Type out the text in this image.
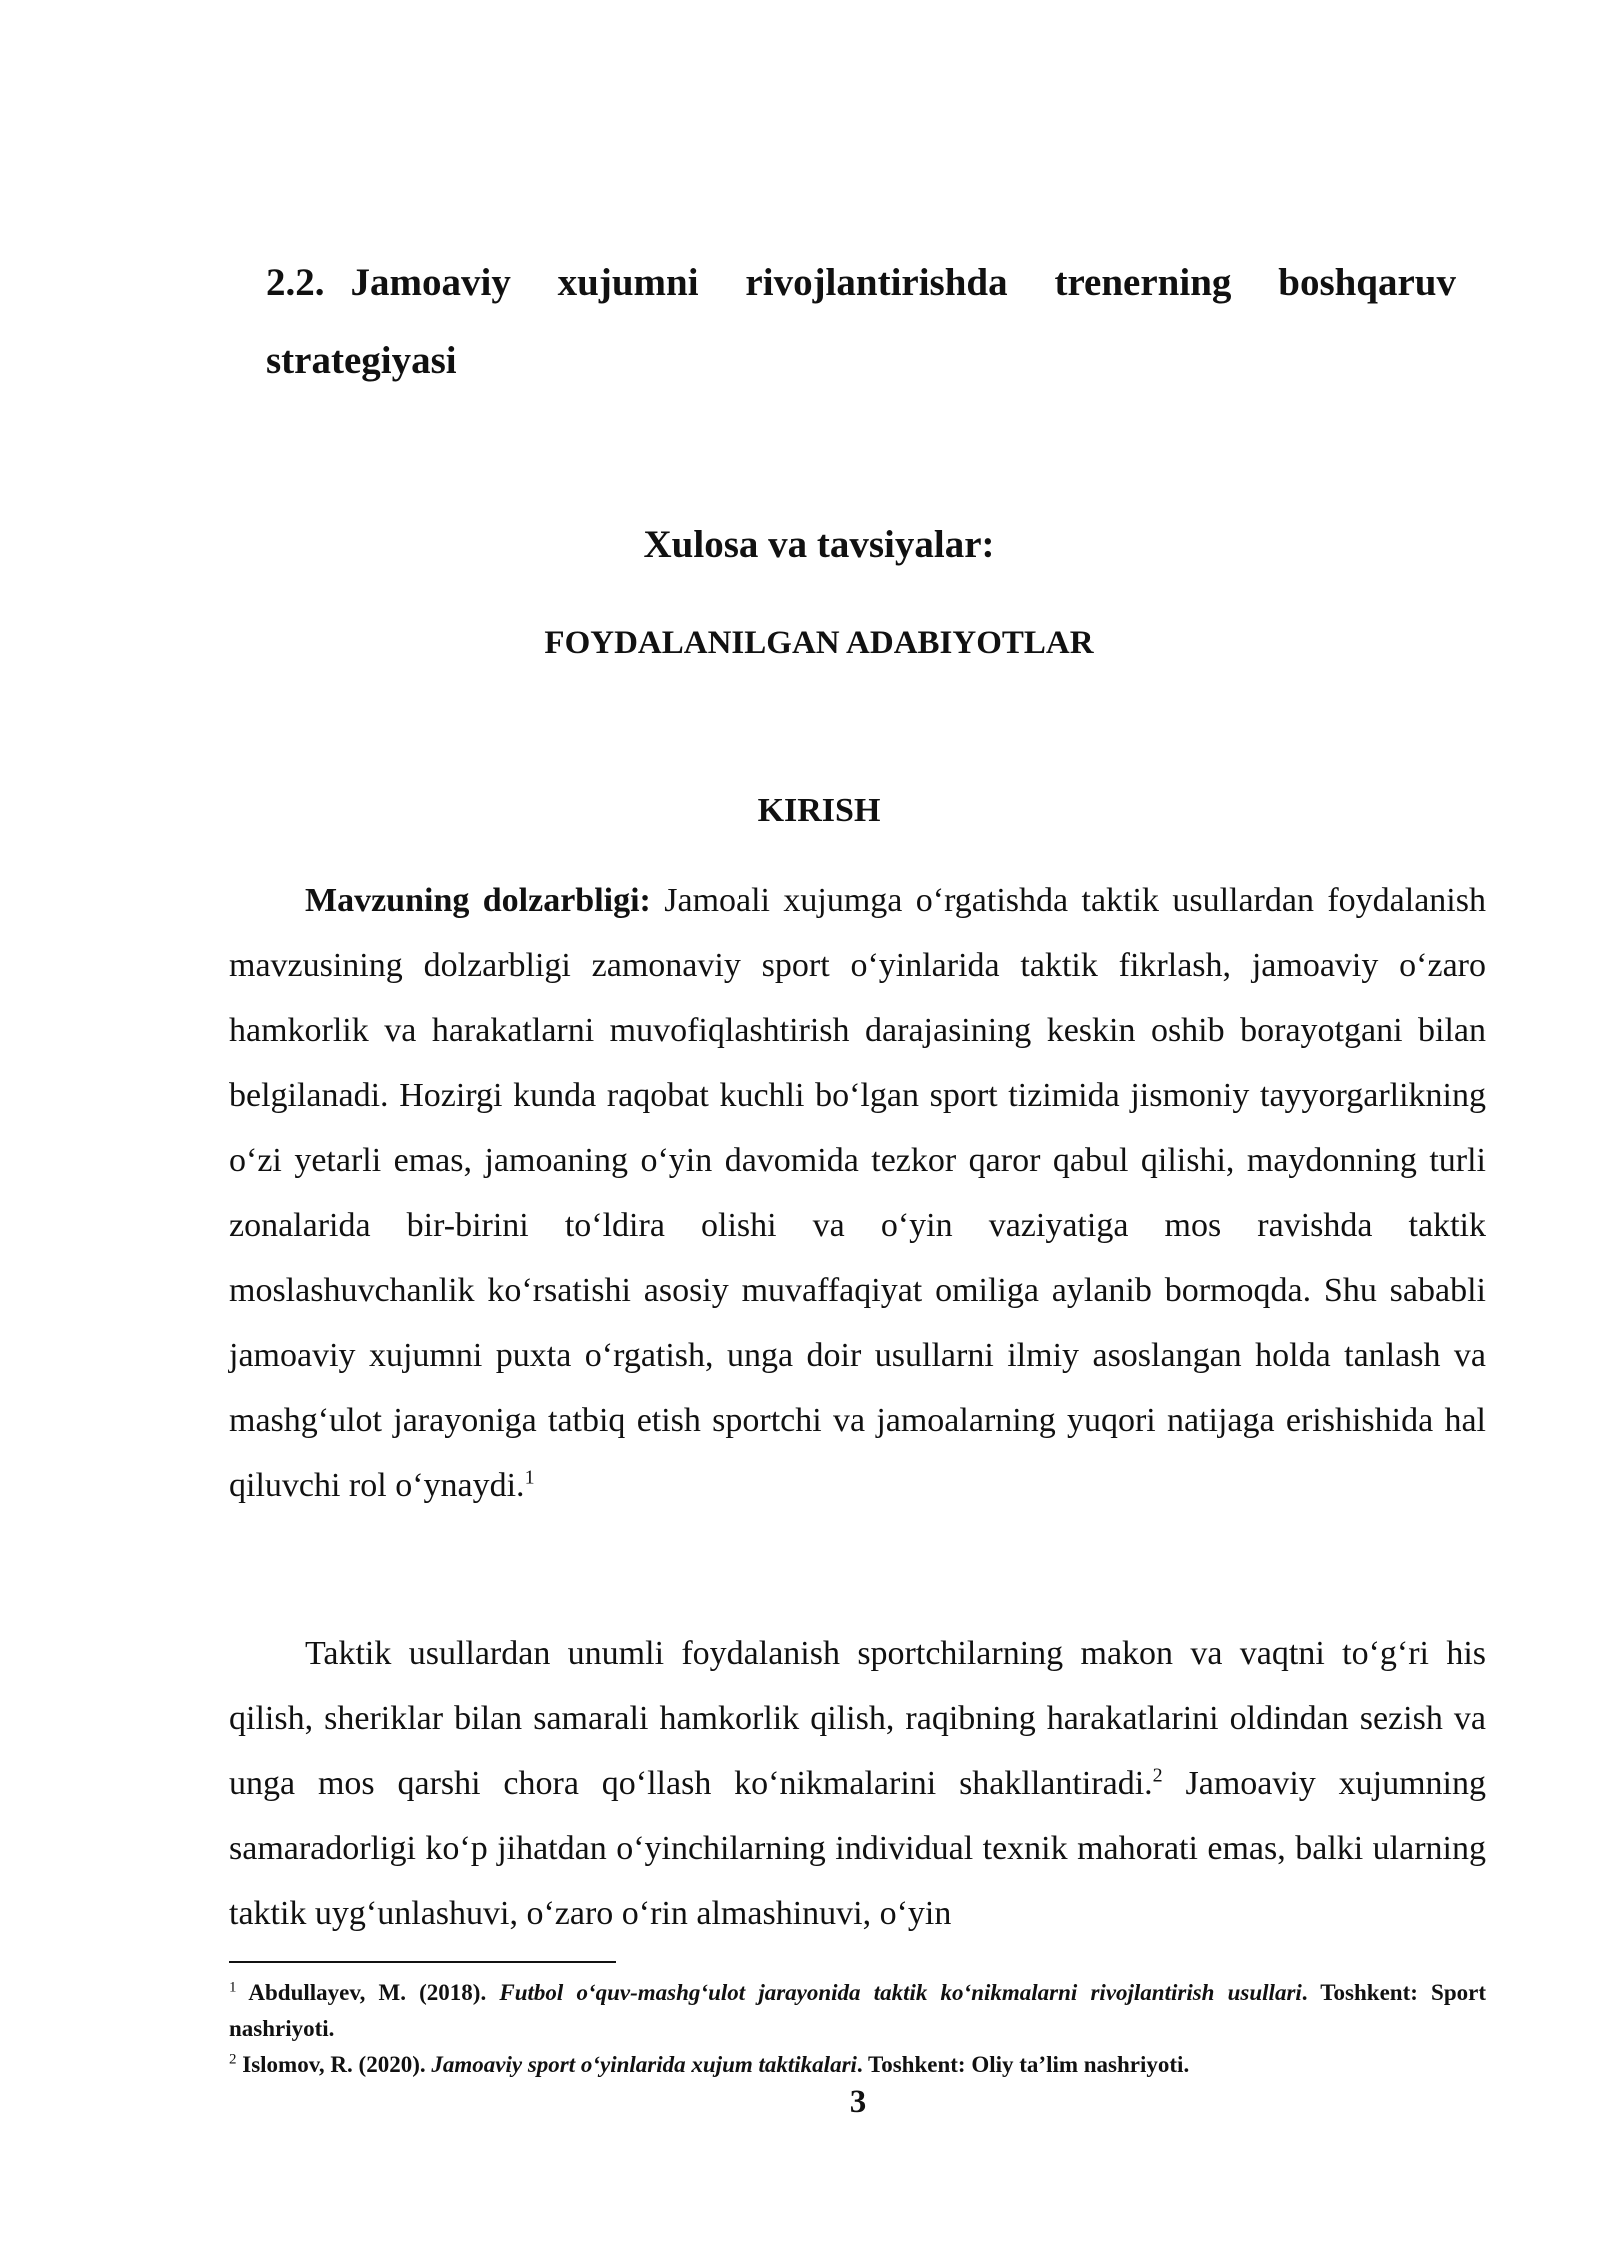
2.2. Jamoaviy xujumni rivojlantirishda trenerning boshqaruv strategiyasi
Xulosa va tavsiyalar:
FOYDALANILGAN ADABIYOTLAR
KIRISH

Mavzuning dolzarbligi: Jamoali xujumga o‘rgatishda taktik usullardan foydalanish mavzusining dolzarbligi zamonaviy sport o‘yinlarida taktik fikrlash, jamoaviy o‘zaro hamkorlik va harakatlarni muvofiqlashtirish darajasining keskin oshib borayotgani bilan belgilanadi. Hozirgi kunda raqobat kuchli bo‘lgan sport tizimida jismoniy tayyorgarlikning o‘zi yetarli emas, jamoaning o‘yin davomida tezkor qaror qabul qilishi, maydonning turli zonalarida bir-birini to‘ldira olishi va o‘yin vaziyatiga mos ravishda taktik moslashuvchanlik ko‘rsatishi asosiy muvaffaqiyat omiliga aylanib bormoqda. Shu sababli jamoaviy xujumni puxta o‘rgatish, unga doir usullarni ilmiy asoslangan holda tanlash va mashg‘ulot jarayoniga tatbiq etish sportchi va jamoalarning yuqori natijaga erishishida hal qiluvchi rol o‘ynaydi.$^1$

Taktik usullardan unumli foydalanish sportchilarning makon va vaqtni to‘g‘ri his qilish, sheriklar bilan samarali hamkorlik qilish, raqibning harakatlarini oldindan sezish va unga mos qarshi chora qo‘llash ko‘nikmalarini shakllantiradi.$^2$ Jamoaviy xujumning samaradorligi ko‘p jihatdan o‘yinchilarning individual texnik mahorati emas, balki ularning taktik uyg‘unlashuvi, o‘zaro o‘rin almashinuvi, o‘yin

$^1$ Abdullayev, M. (2018). Futbol o‘quv-mashg‘ulot jarayonida taktik ko‘nikmalarni rivojlantirish usullari. Toshkent: Sport nashriyoti.

$^2$ Islomov, R. (2020). Jamoaviy sport o‘yinlarida xujum taktikalari. Toshkent: Oliy ta’lim nashriyoti.

3
